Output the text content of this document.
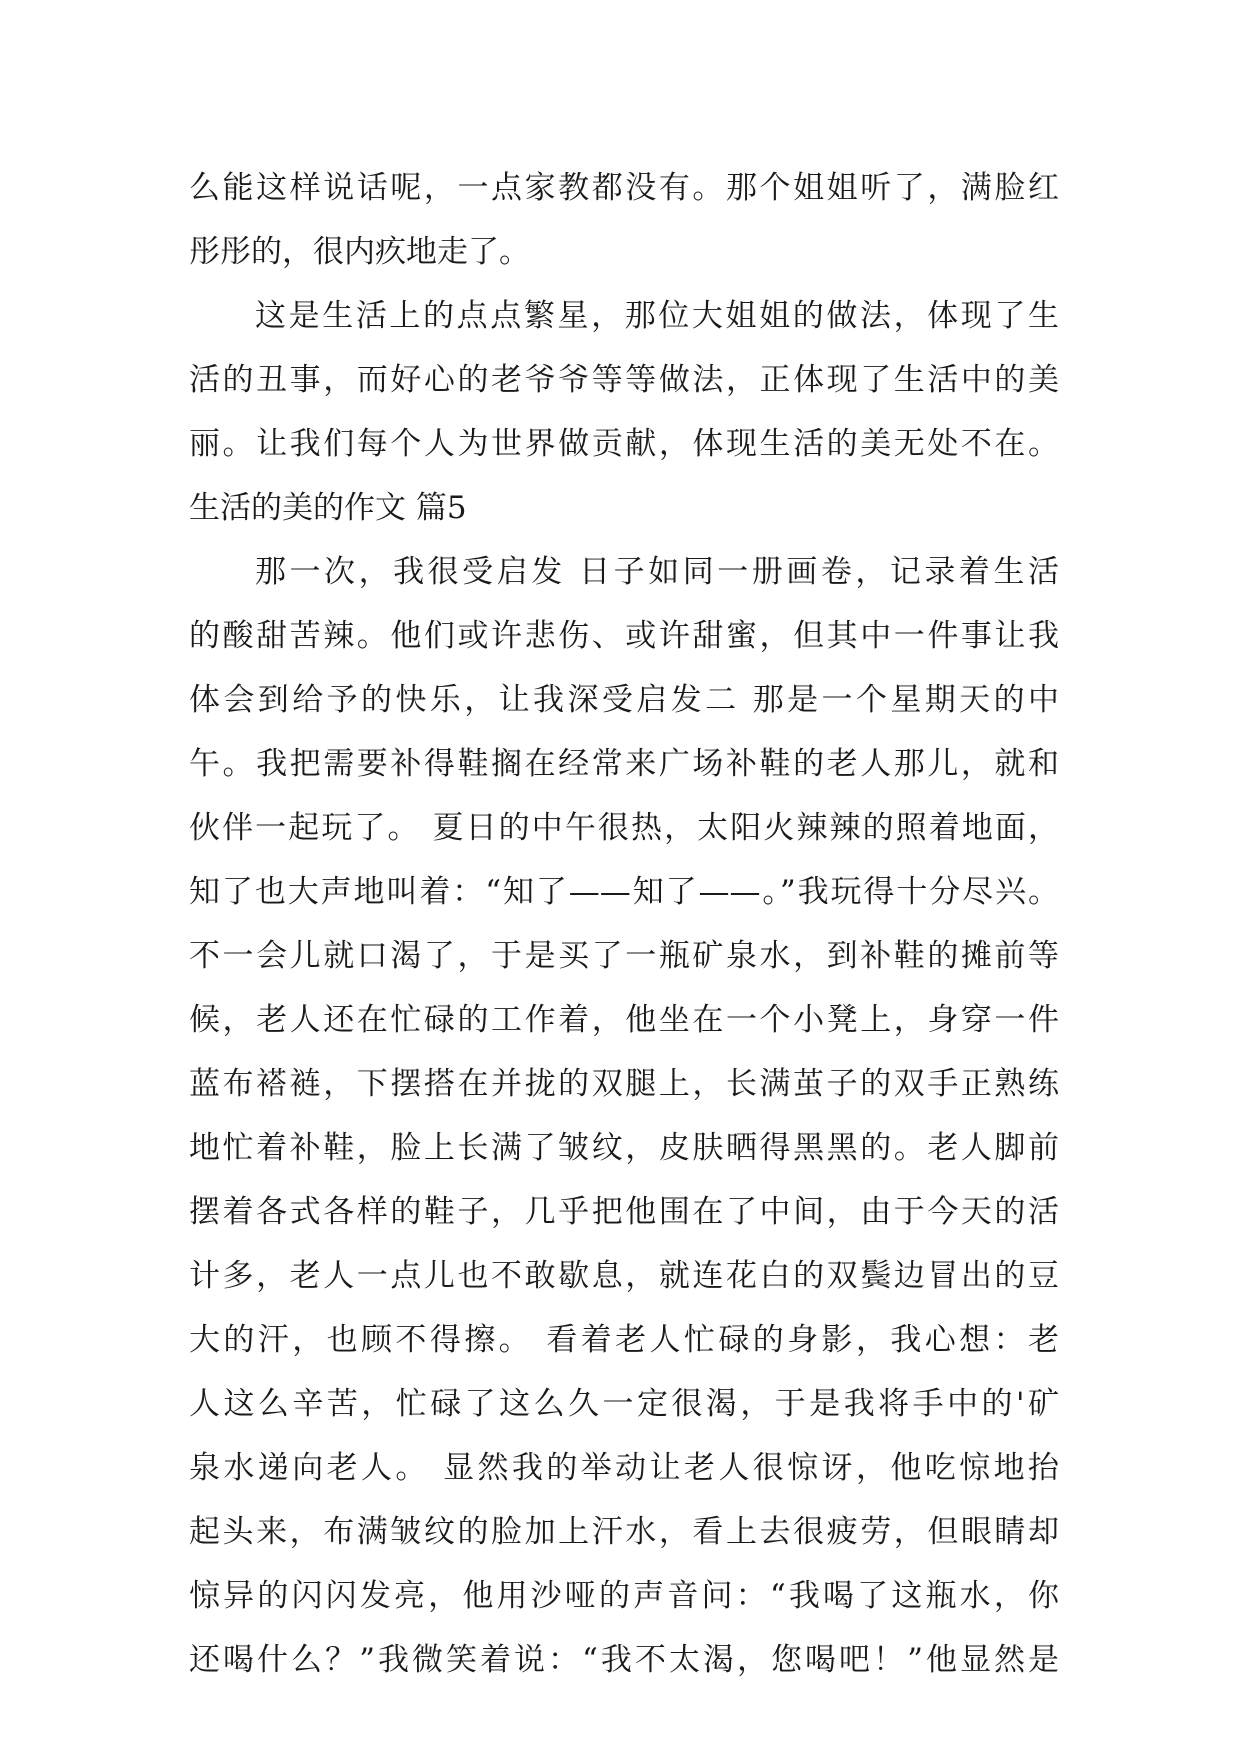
么能这样说话呢，一点家教都没有。那个姐姐听了，满脸红
彤彤的，很内疚地走了。
这是生活上的点点繁星，那位大姐姐的做法，体现了生
活的丑事，而好心的老爷爷等等做法，正体现了生活中的美
丽。让我们每个人为世界做贡献，体现生活的美无处不在。
生活的美的作文 篇5
那一次，我很受启发 日子如同一册画卷，记录着生活
的酸甜苦辣。他们或许悲伤、或许甜蜜，但其中一件事让我
体会到给予的快乐，让我深受启发二 那是一个星期天的中
午。我把需要补得鞋搁在经常来广场补鞋的老人那儿，就和
伙伴一起玩了。 夏日的中午很热，太阳火辣辣的照着地面，
知了也大声地叫着：“知了——知了——。”我玩得十分尽兴。
不一会儿就口渴了，于是买了一瓶矿泉水，到补鞋的摊前等
候，老人还在忙碌的工作着，他坐在一个小凳上，身穿一件
蓝布褡裢，下摆搭在并拢的双腿上，长满茧子的双手正熟练
地忙着补鞋，脸上长满了皱纹，皮肤晒得黑黑的。老人脚前
摆着各式各样的鞋子，几乎把他围在了中间，由于今天的活
计多，老人一点儿也不敢歇息，就连花白的双鬓边冒出的豆
大的汗，也顾不得擦。 看着老人忙碌的身影，我心想：老
人这么辛苦，忙碌了这么久一定很渴，于是我将手中的'矿
泉水递向老人。 显然我的举动让老人很惊讶，他吃惊地抬
起头来，布满皱纹的脸加上汗水，看上去很疲劳，但眼睛却
惊异的闪闪发亮，他用沙哑的声音问：“我喝了这瓶水，你
还喝什么？”我微笑着说：“我不太渴，您喝吧！”他显然是
